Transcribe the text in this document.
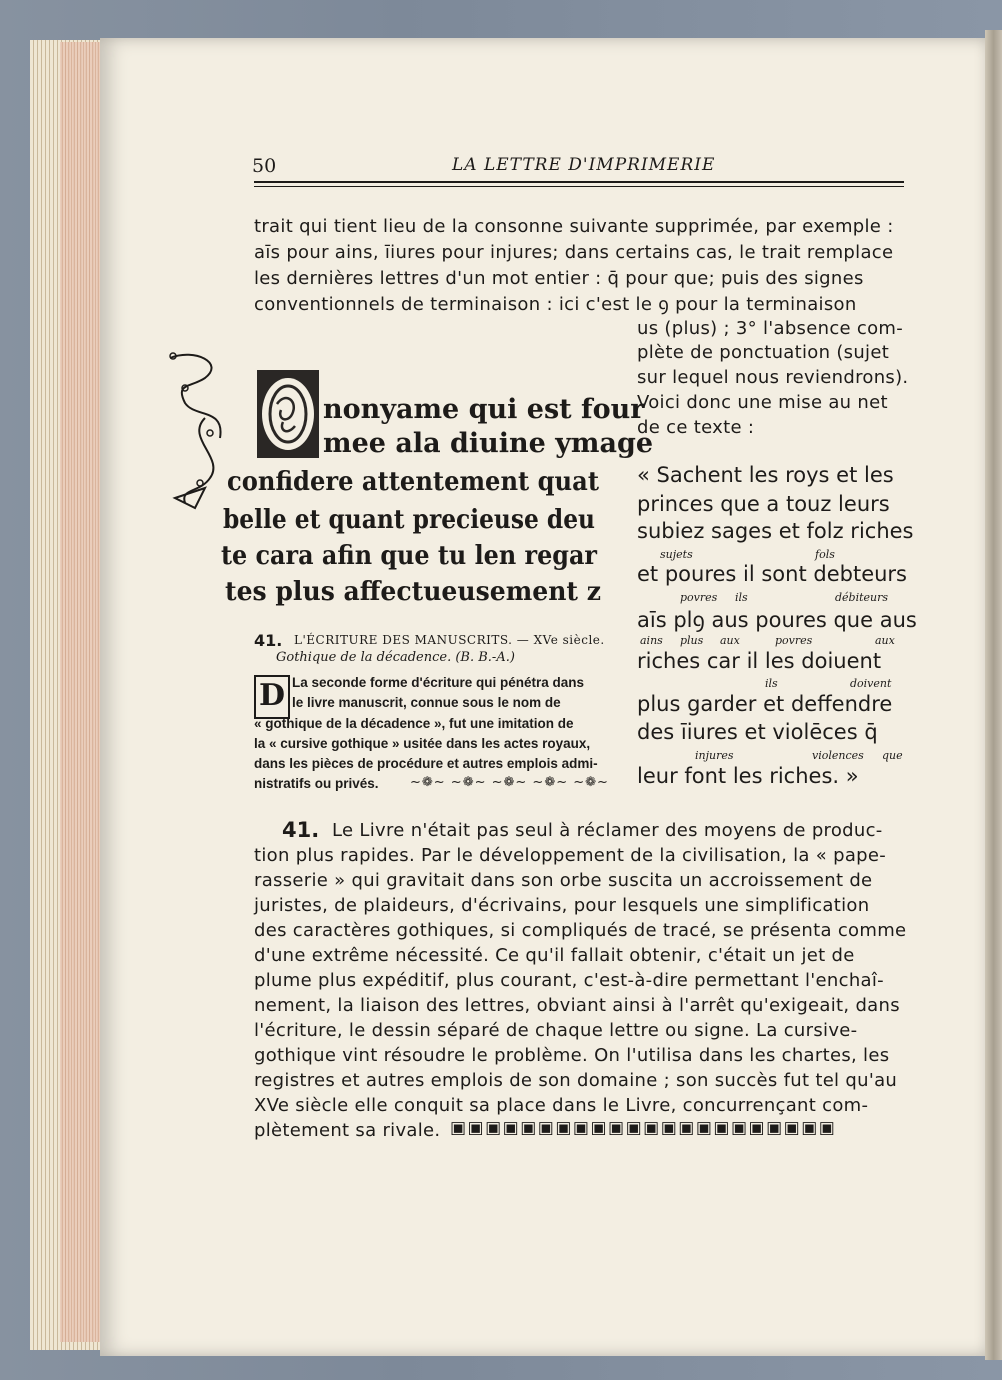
50	LA LETTRE D'IMPRIMERIE
trait qui tient lieu de la consonne suivante supprimée, par exemple :
aīs pour ains, īiures pour injures; dans certains cas, le trait remplace
les dernières lettres d'un mot entier : q̄ pour que; puis des signes
conventionnels de terminaison : ici c'est le ꝯ pour la terminaison
us (plus) ; 3° l'absence com-
plète de ponctuation (sujet
sur lequel nous reviendrons).
Voici donc une mise au net
de ce texte :
« Sachent les roys et les
princes que a touz leurs
subiez sages et folz riches
sujets	fols
et poures il sont debteurs
povres ils	débiteurs
aīs plꝯ aus poures que aus
ains plus aux	povres	aux
riches car il les doiuent
ils	doivent
plus garder et deffendre
des īiures et violēces q̄
injures	violences que
leur font les riches. »
nonyame qui est four
mee ala diuine ymage
confidere attentement quat
belle et quant precieuse deu
te cara afin que tu len regar
tes plus affectueusement z
41. L'ÉCRITURE DES MANUSCRITS. — XVe siècle.
Gothique de la décadence. (B. B.-A.)
D La seconde forme d'écriture qui pénétra dans
le livre manuscrit, connue sous le nom de
« gothique de la décadence », fut une imitation de
la « cursive gothique » usitée dans les actes royaux,
dans les pièces de procédure et autres emplois admi-
nistratifs ou privés. ~❁~ ~❁~ ~❁~ ~❁~ ~❁~
41. Le Livre n'était pas seul à réclamer des moyens de produc-
tion plus rapides. Par le développement de la civilisation, la « pape-
rasserie » qui gravitait dans son orbe suscita un accroissement de
juristes, de plaideurs, d'écrivains, pour lesquels une simplification
des caractères gothiques, si compliqués de tracé, se présenta comme
d'une extrême nécessité. Ce qu'il fallait obtenir, c'était un jet de
plume plus expéditif, plus courant, c'est-à-dire permettant l'enchaî-
nement, la liaison des lettres, obviant ainsi à l'arrêt qu'exigeait, dans
l'écriture, le dessin séparé de chaque lettre ou signe. La cursive-
gothique vint résoudre le problème. On l'utilisa dans les chartes, les
registres et autres emplois de son domaine ; son succès fut tel qu'au
XVe siècle elle conquit sa place dans le Livre, concurrençant com-
plètement sa rivale. ▣▣▣▣▣▣▣▣▣▣▣▣▣▣▣▣▣▣▣▣▣▣
